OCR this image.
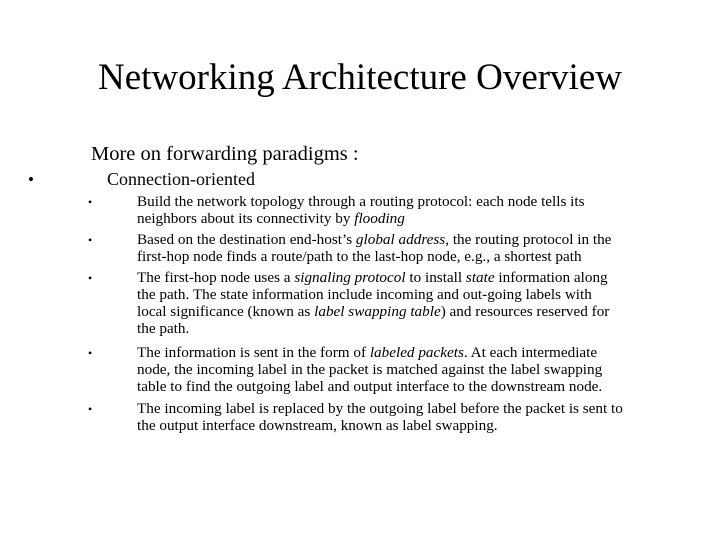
Networking Architecture Overview
More on forwarding paradigms :
•	Connection-oriented
•	Build the network topology through a routing protocol: each node tells its
neighbors about its connectivity by flooding
•	Based on the destination end-host’s global address, the routing protocol in the
first-hop node finds a route/path to the last-hop node, e.g., a shortest path
•	The first-hop node uses a signaling protocol to install state information along
the path. The state information include incoming and out-going labels with
local significance (known as label swapping table) and resources reserved for
the path.
•	The information is sent in the form of labeled packets. At each intermediate
node, the incoming label in the packet is matched against the label swapping
table to find the outgoing label and output interface to the downstream node.
•	The incoming label is replaced by the outgoing label before the packet is sent to
the output interface downstream, known as label swapping.
